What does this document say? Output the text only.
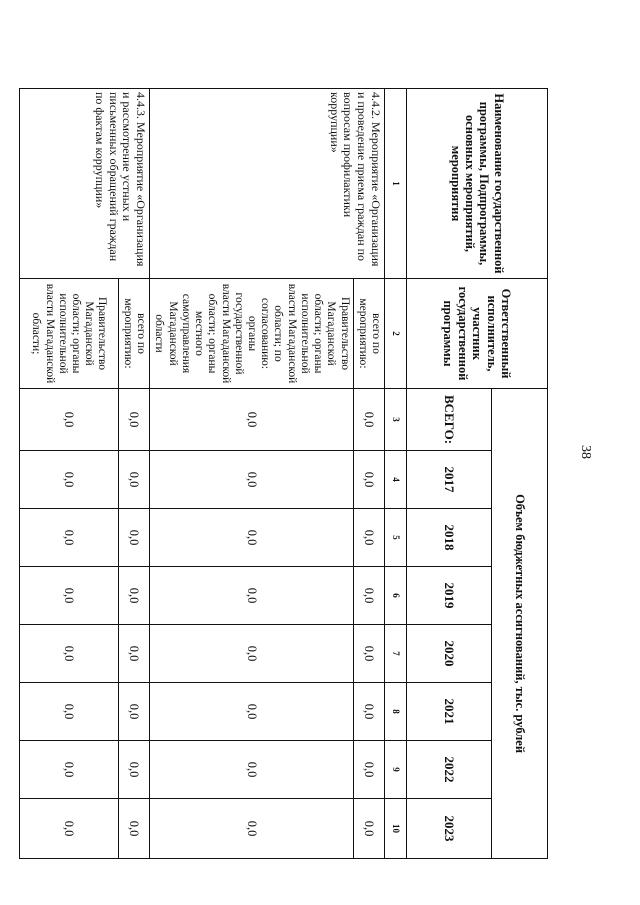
38
Наименование государственной программы, Подпрограммы, основных мероприятий, мероприятия	Ответственный исполнитель, участник государственной программы	Объем бюджетных ассигнований, тыс. рублей							
		ВСЕГО:	2017	2018	2019	2020	2021	2022	2023
1	2	3	4	5	6	7	8	9	10
4.4.2. Мероприятие «Организация и проведение приема граждан по вопросам профилактики коррупции»	всего по мероприятию:	0,0	0,0	0,0	0,0	0,0	0,0	0,0	0,0
	Правительство Магаданской области; органы исполнительной власти Магаданской области; по согласованию: органы государственной власти Магаданской области; органы местного самоуправления Магаданской области	0,0	0,0	0,0	0,0	0,0	0,0	0,0	0,0
4.4.3. Мероприятие «Организация и рассмотрение устных и письменных обращений граждан по фактам коррупции»	всего по мероприятию:	0,0	0,0	0,0	0,0	0,0	0,0	0,0	0,0
	Правительство Магаданской области; органы исполнительной власти Магаданской области;	0,0	0,0	0,0	0,0	0,0	0,0	0,0	0,0
